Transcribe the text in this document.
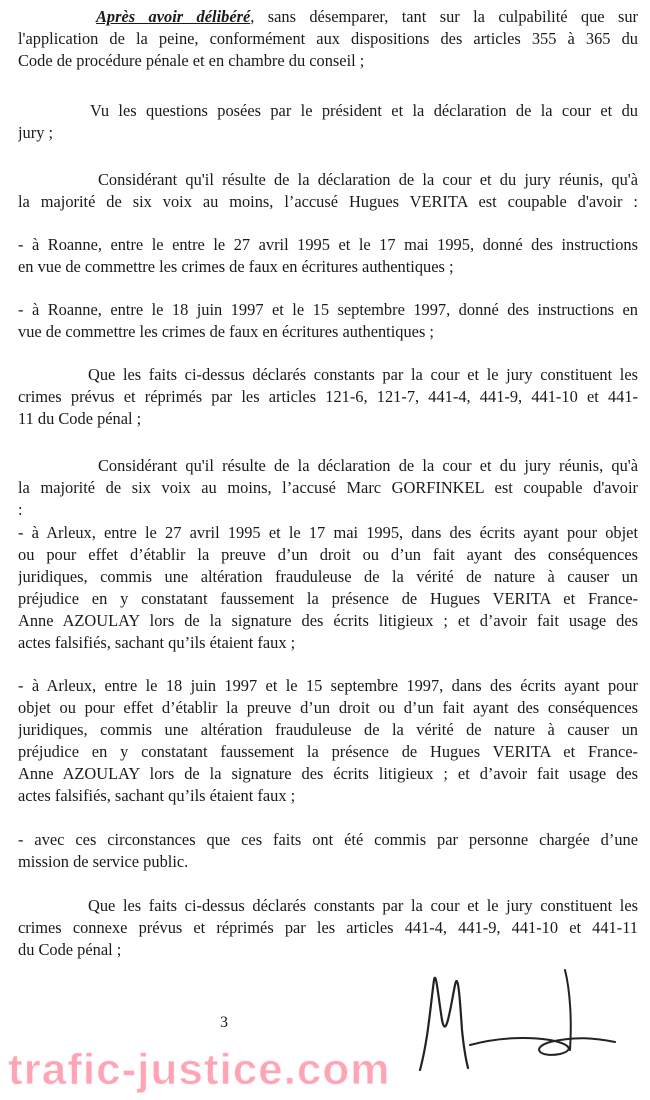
Après avoir délibéré, sans désemparer, tant sur la culpabilité que sur
l'application de la peine, conformément aux dispositions des articles 355 à 365 du
Code de procédure pénale et en chambre du conseil ;
Vu les questions posées par le président et la déclaration de la cour et du
jury ;
Considérant qu'il résulte de la déclaration de la cour et du jury réunis, qu'à
la majorité de six voix au moins, l’accusé Hugues VERITA est coupable d'avoir :
- à Roanne, entre le entre le 27 avril 1995 et le 17 mai 1995, donné des instructions
en vue de commettre les crimes de faux en écritures authentiques ;
- à Roanne, entre le 18 juin 1997 et le 15 septembre 1997, donné des instructions en
vue de commettre les crimes de faux en écritures authentiques ;
Que les faits ci-dessus déclarés constants par la cour et le jury constituent les
crimes prévus et réprimés par les articles 121-6, 121-7, 441-4, 441-9, 441-10 et 441-
11 du Code pénal ;
Considérant qu'il résulte de la déclaration de la cour et du jury réunis, qu'à
la majorité de six voix au moins, l’accusé Marc GORFINKEL est coupable d'avoir
:
- à Arleux, entre le 27 avril 1995 et le 17 mai 1995, dans des écrits ayant pour objet
ou pour effet d’établir la preuve d’un droit ou d’un fait ayant des conséquences
juridiques, commis une altération frauduleuse de la vérité de nature à causer un
préjudice en y constatant faussement la présence de Hugues VERITA et France-
Anne AZOULAY lors de la signature des écrits litigieux ; et d’avoir fait usage des
actes falsifiés, sachant qu’ils étaient faux ;
- à Arleux, entre le 18 juin 1997 et le 15 septembre 1997, dans des écrits ayant pour
objet ou pour effet d’établir la preuve d’un droit ou d’un fait ayant des conséquences
juridiques, commis une altération frauduleuse de la vérité de nature à causer un
préjudice en y constatant faussement la présence de Hugues VERITA et France-
Anne AZOULAY lors de la signature des écrits litigieux ; et d’avoir fait usage des
actes falsifiés, sachant qu’ils étaient faux ;
- avec ces circonstances que ces faits ont été commis par personne chargée d’une
mission de service public.
Que les faits ci-dessus déclarés constants par la cour et le jury constituent les
crimes connexe prévus et réprimés par les articles 441-4, 441-9, 441-10 et 441-11
du Code pénal ;
3
trafic-justice.com
